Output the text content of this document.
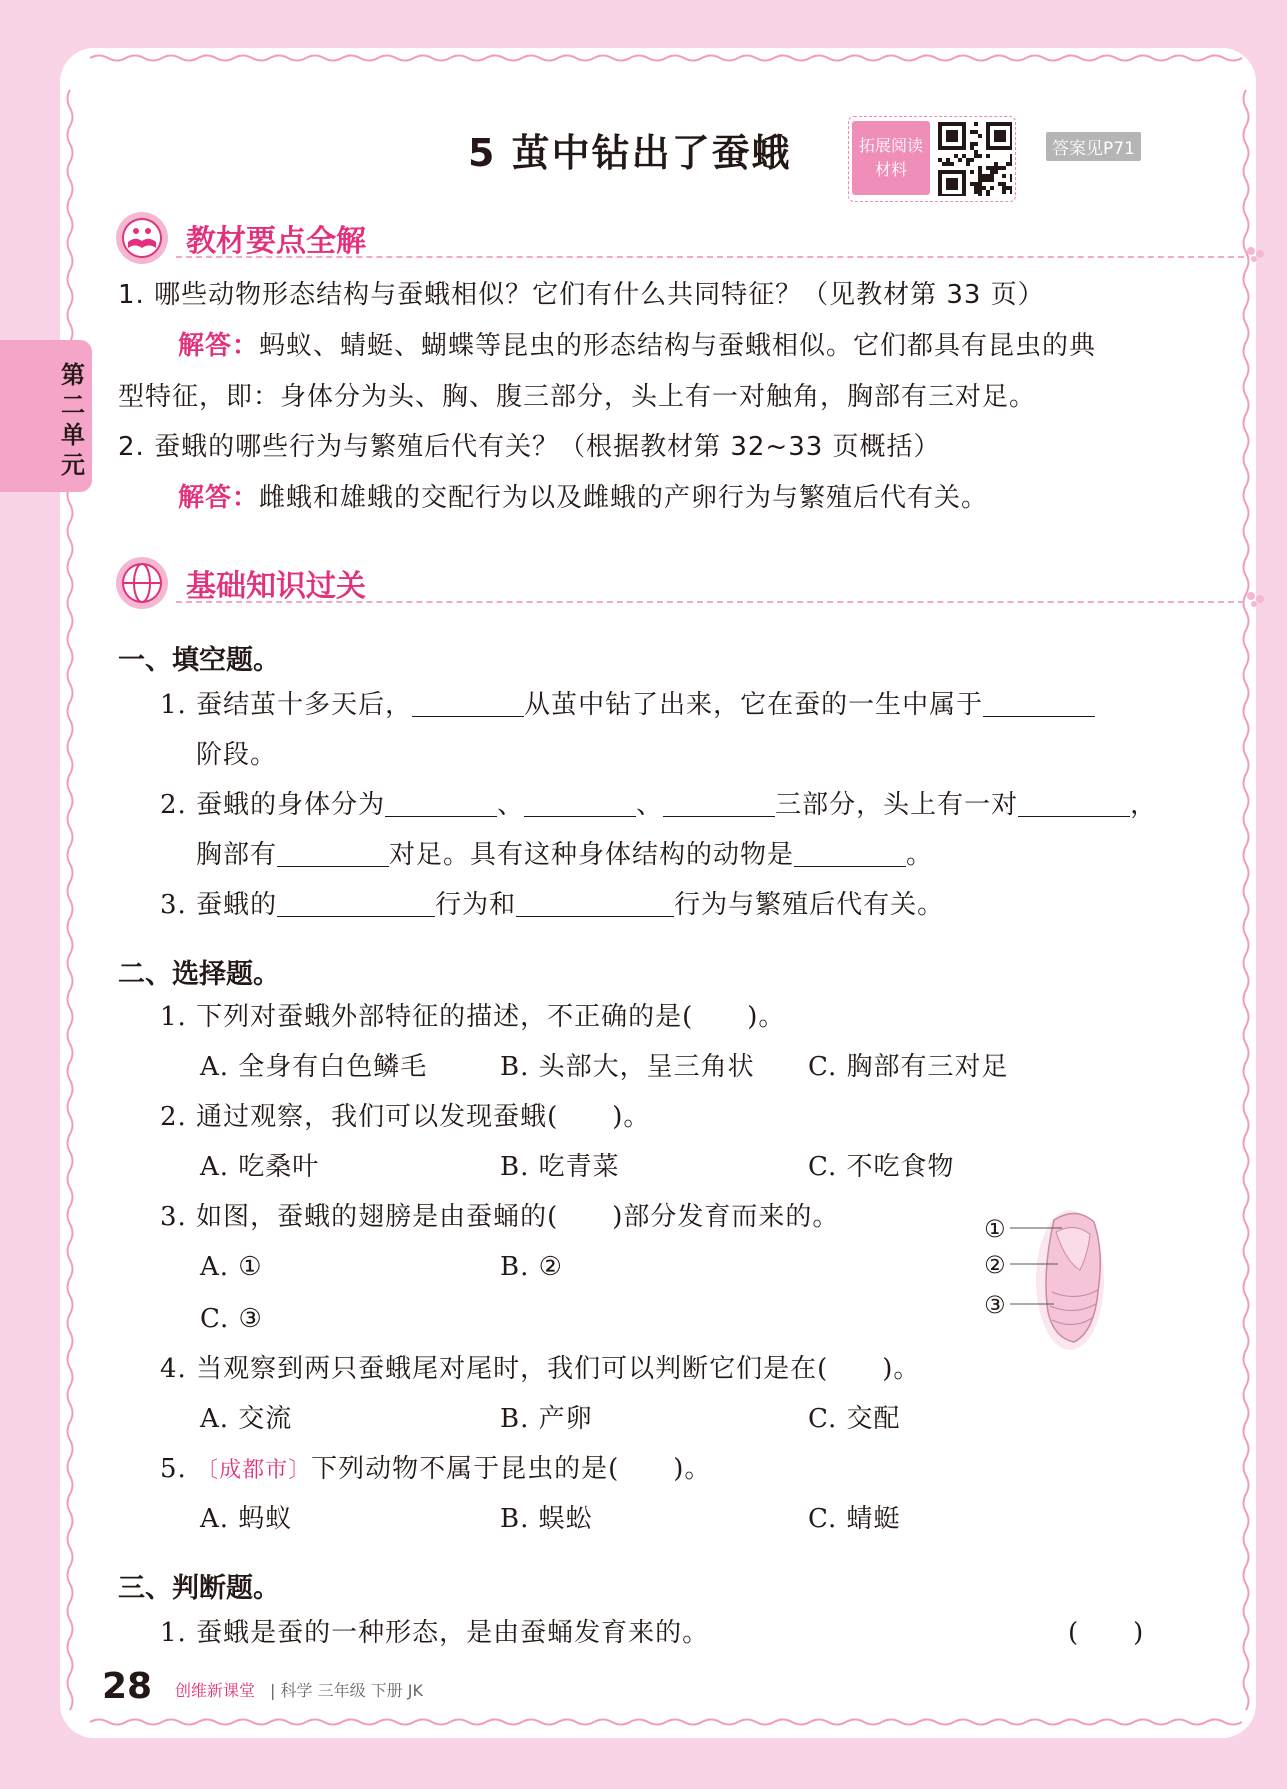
第二单元
5 茧中钻出了蚕蛾	拓展阅读
材料
答案见P71
教材要点全解
1. 哪些动物形态结构与蚕蛾相似？它们有什么共同特征？（见教材第 33 页）
解答：蚂蚁、蜻蜓、蝴蝶等昆虫的形态结构与蚕蛾相似。它们都具有昆虫的典
型特征，即：身体分为头、胸、腹三部分，头上有一对触角，胸部有三对足。
2. 蚕蛾的哪些行为与繁殖后代有关？（根据教材第 32~33 页概括）
解答：雌蛾和雄蛾的交配行为以及雌蛾的产卵行为与繁殖后代有关。
基础知识过关
一、填空题。
1. 蚕结茧十多天后，	从茧中钻了出来，它在蚕的一生中属于
阶段。
2. 蚕蛾的身体分为	、	、	三部分，头上有一对	，
胸部有	对足。具有这种身体结构的动物是	。
3. 蚕蛾的	行为和	行为与繁殖后代有关。
二、选择题。
1. 下列对蚕蛾外部特征的描述，不正确的是(　　)。
A. 全身有白色鳞毛	B. 头部大，呈三角状 C. 胸部有三对足
2. 通过观察，我们可以发现蚕蛾(　　)。
A. 吃桑叶	B. 吃青菜	C. 不吃食物
3. 如图，蚕蛾的翅膀是由蚕蛹的(　　)部分发育而来的。
A. ①	B. ②
C. ③
①
②
③
4. 当观察到两只蚕蛾尾对尾时，我们可以判断它们是在(　　)。
A. 交流	B. 产卵	C. 交配
5. 〔成都市〕下列动物不属于昆虫的是(　　)。
A. 蚂蚁	B. 蜈蚣	C. 蜻蜓
三、判断题。
1. 蚕蛾是蚕的一种形态，是由蚕蛹发育来的。	(　　)
28 创维新课堂 | 科学 三年级 下册 JK
